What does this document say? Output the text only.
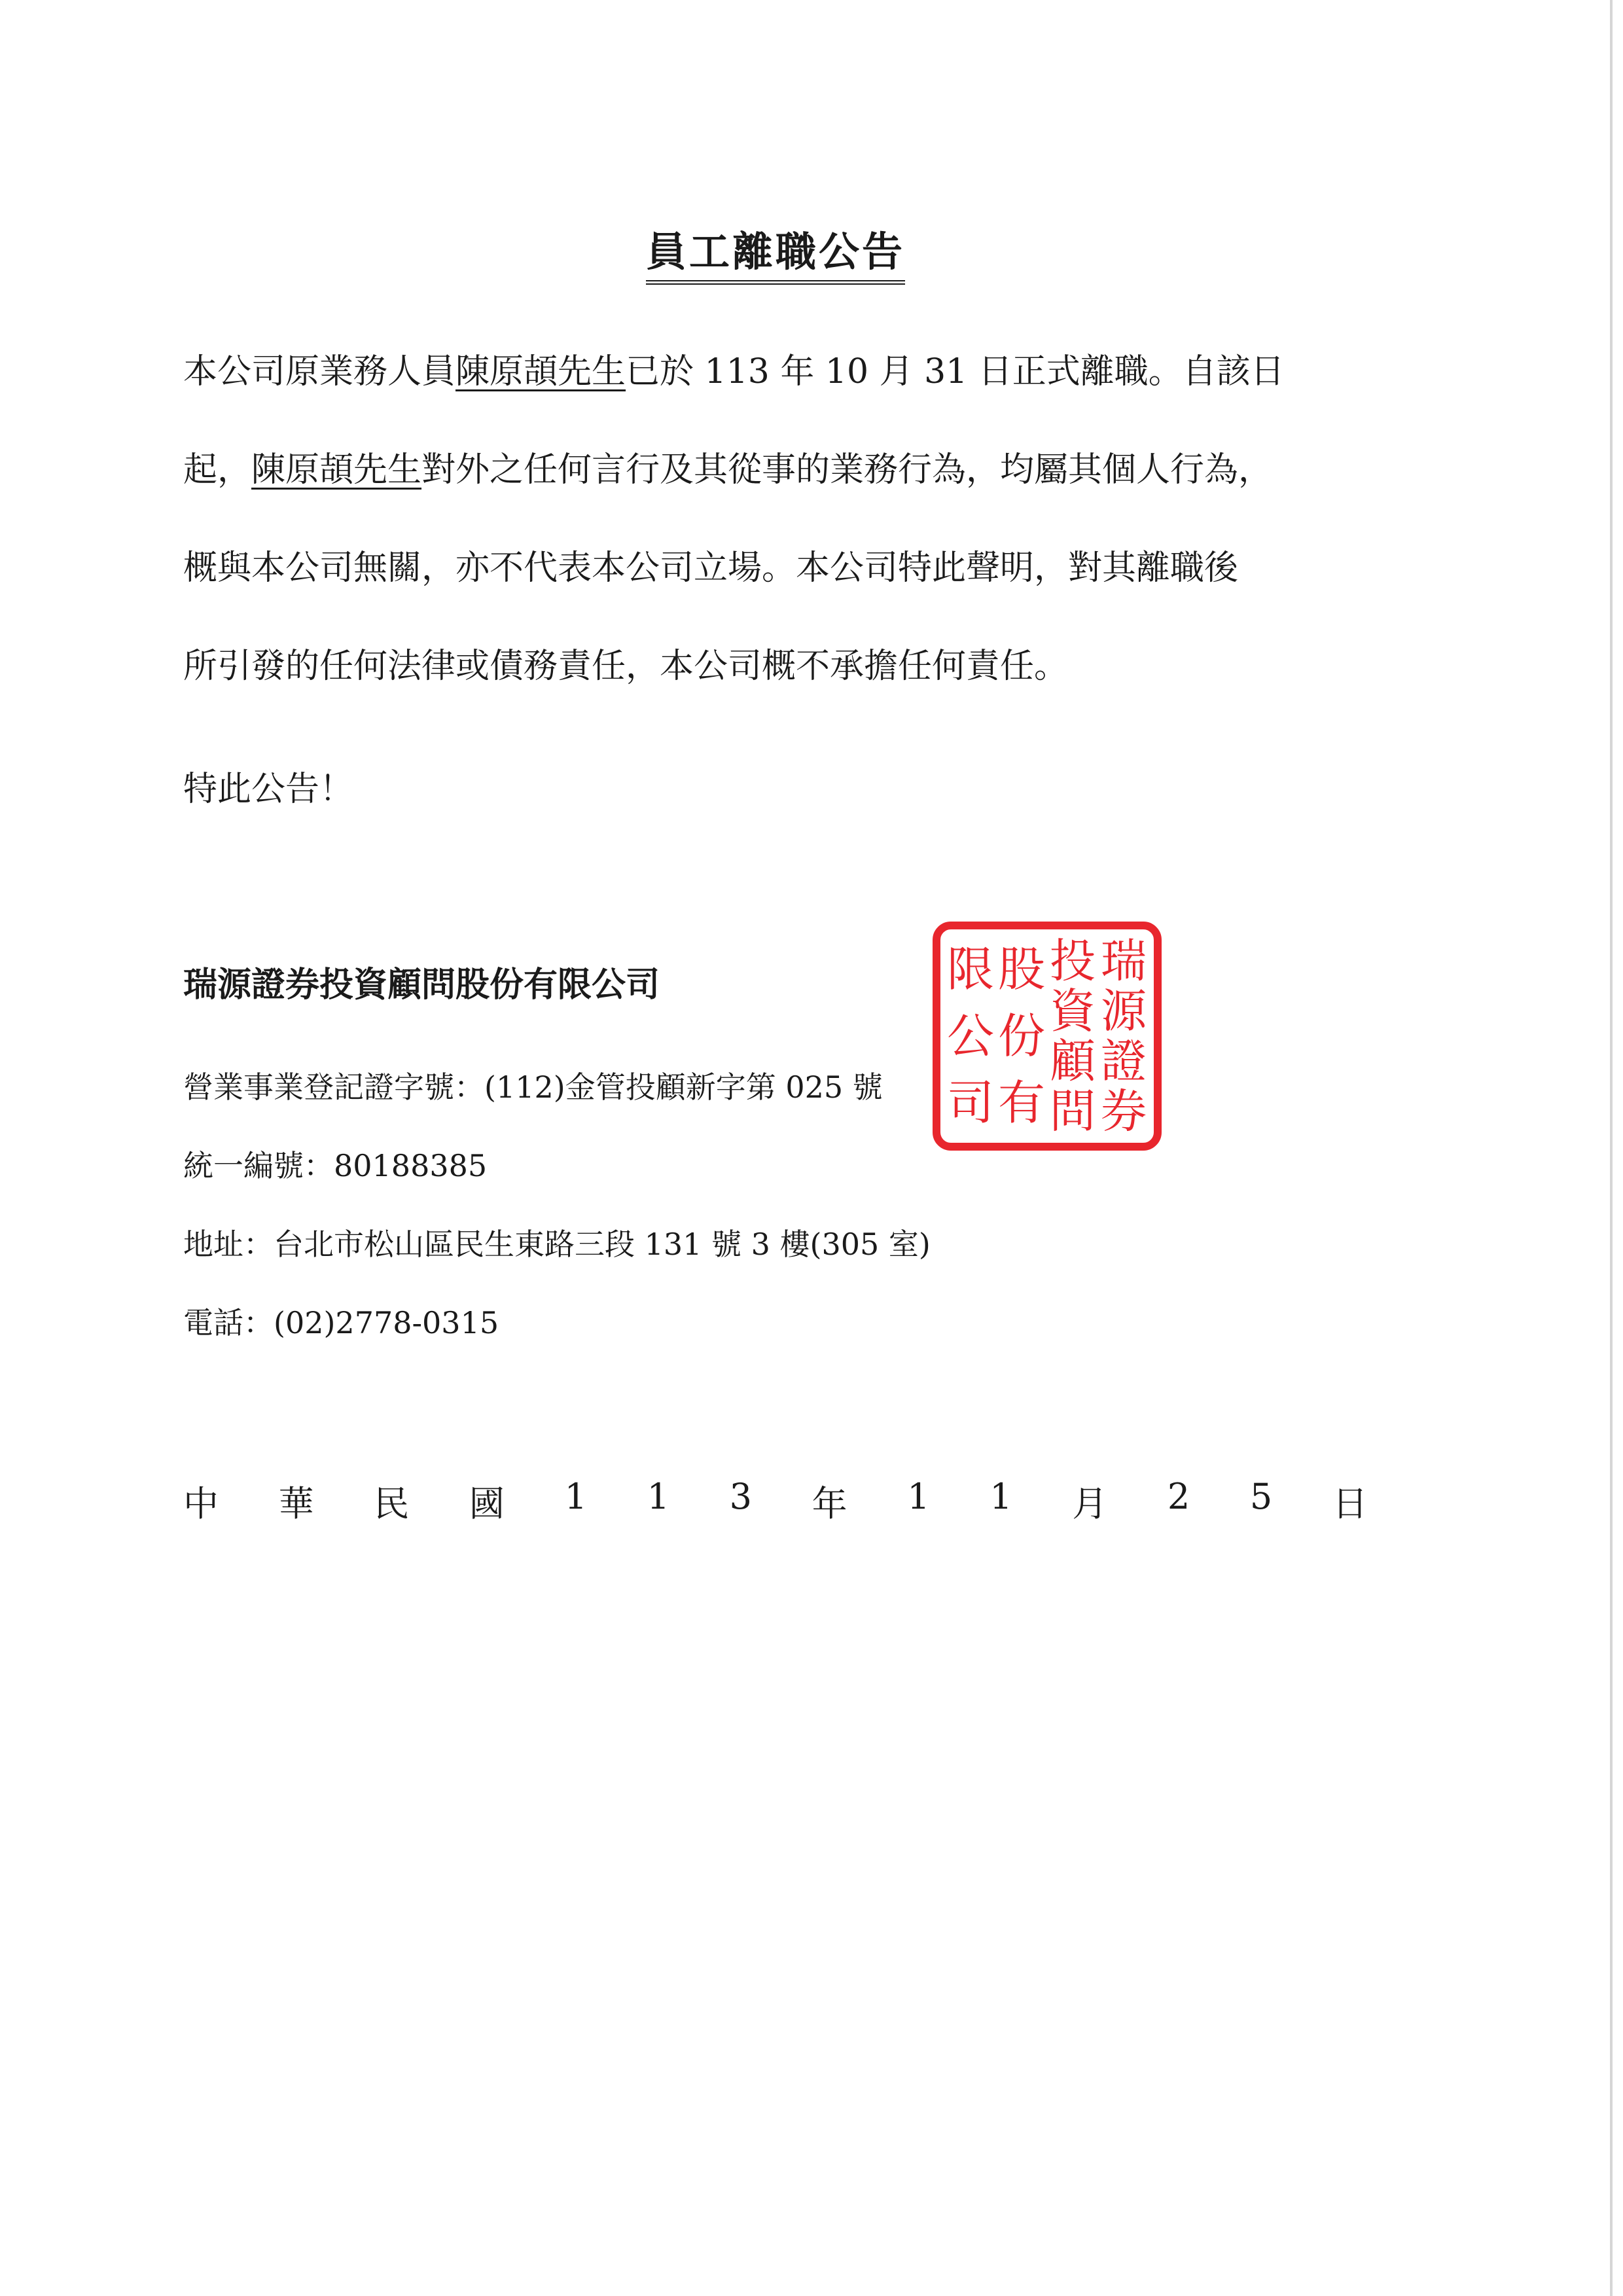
員工離職公告
本公司原業務人員陳原頡先生已於 113 年 10 月 31 日正式離職。自該日
起，陳原頡先生對外之任何言行及其從事的業務行為，均屬其個人行為，
概與本公司無關，亦不代表本公司立場。本公司特此聲明，對其離職後
所引發的任何法律或債務責任，本公司概不承擔任何責任。
特此公告！
瑞源證券投資顧問股份有限公司
營業事業登記證字號：(112)金管投顧新字第 025 號
統一編號：80188385
地址：台北市松山區民生東路三段 131 號 3 樓(305 室)
電話：(02)2778-0315
中 華 民 國 1 1 3 年 1 1 月 2 5 日
瑞
源
證
券
投
資
顧
問
股
份
有
限
公
司
